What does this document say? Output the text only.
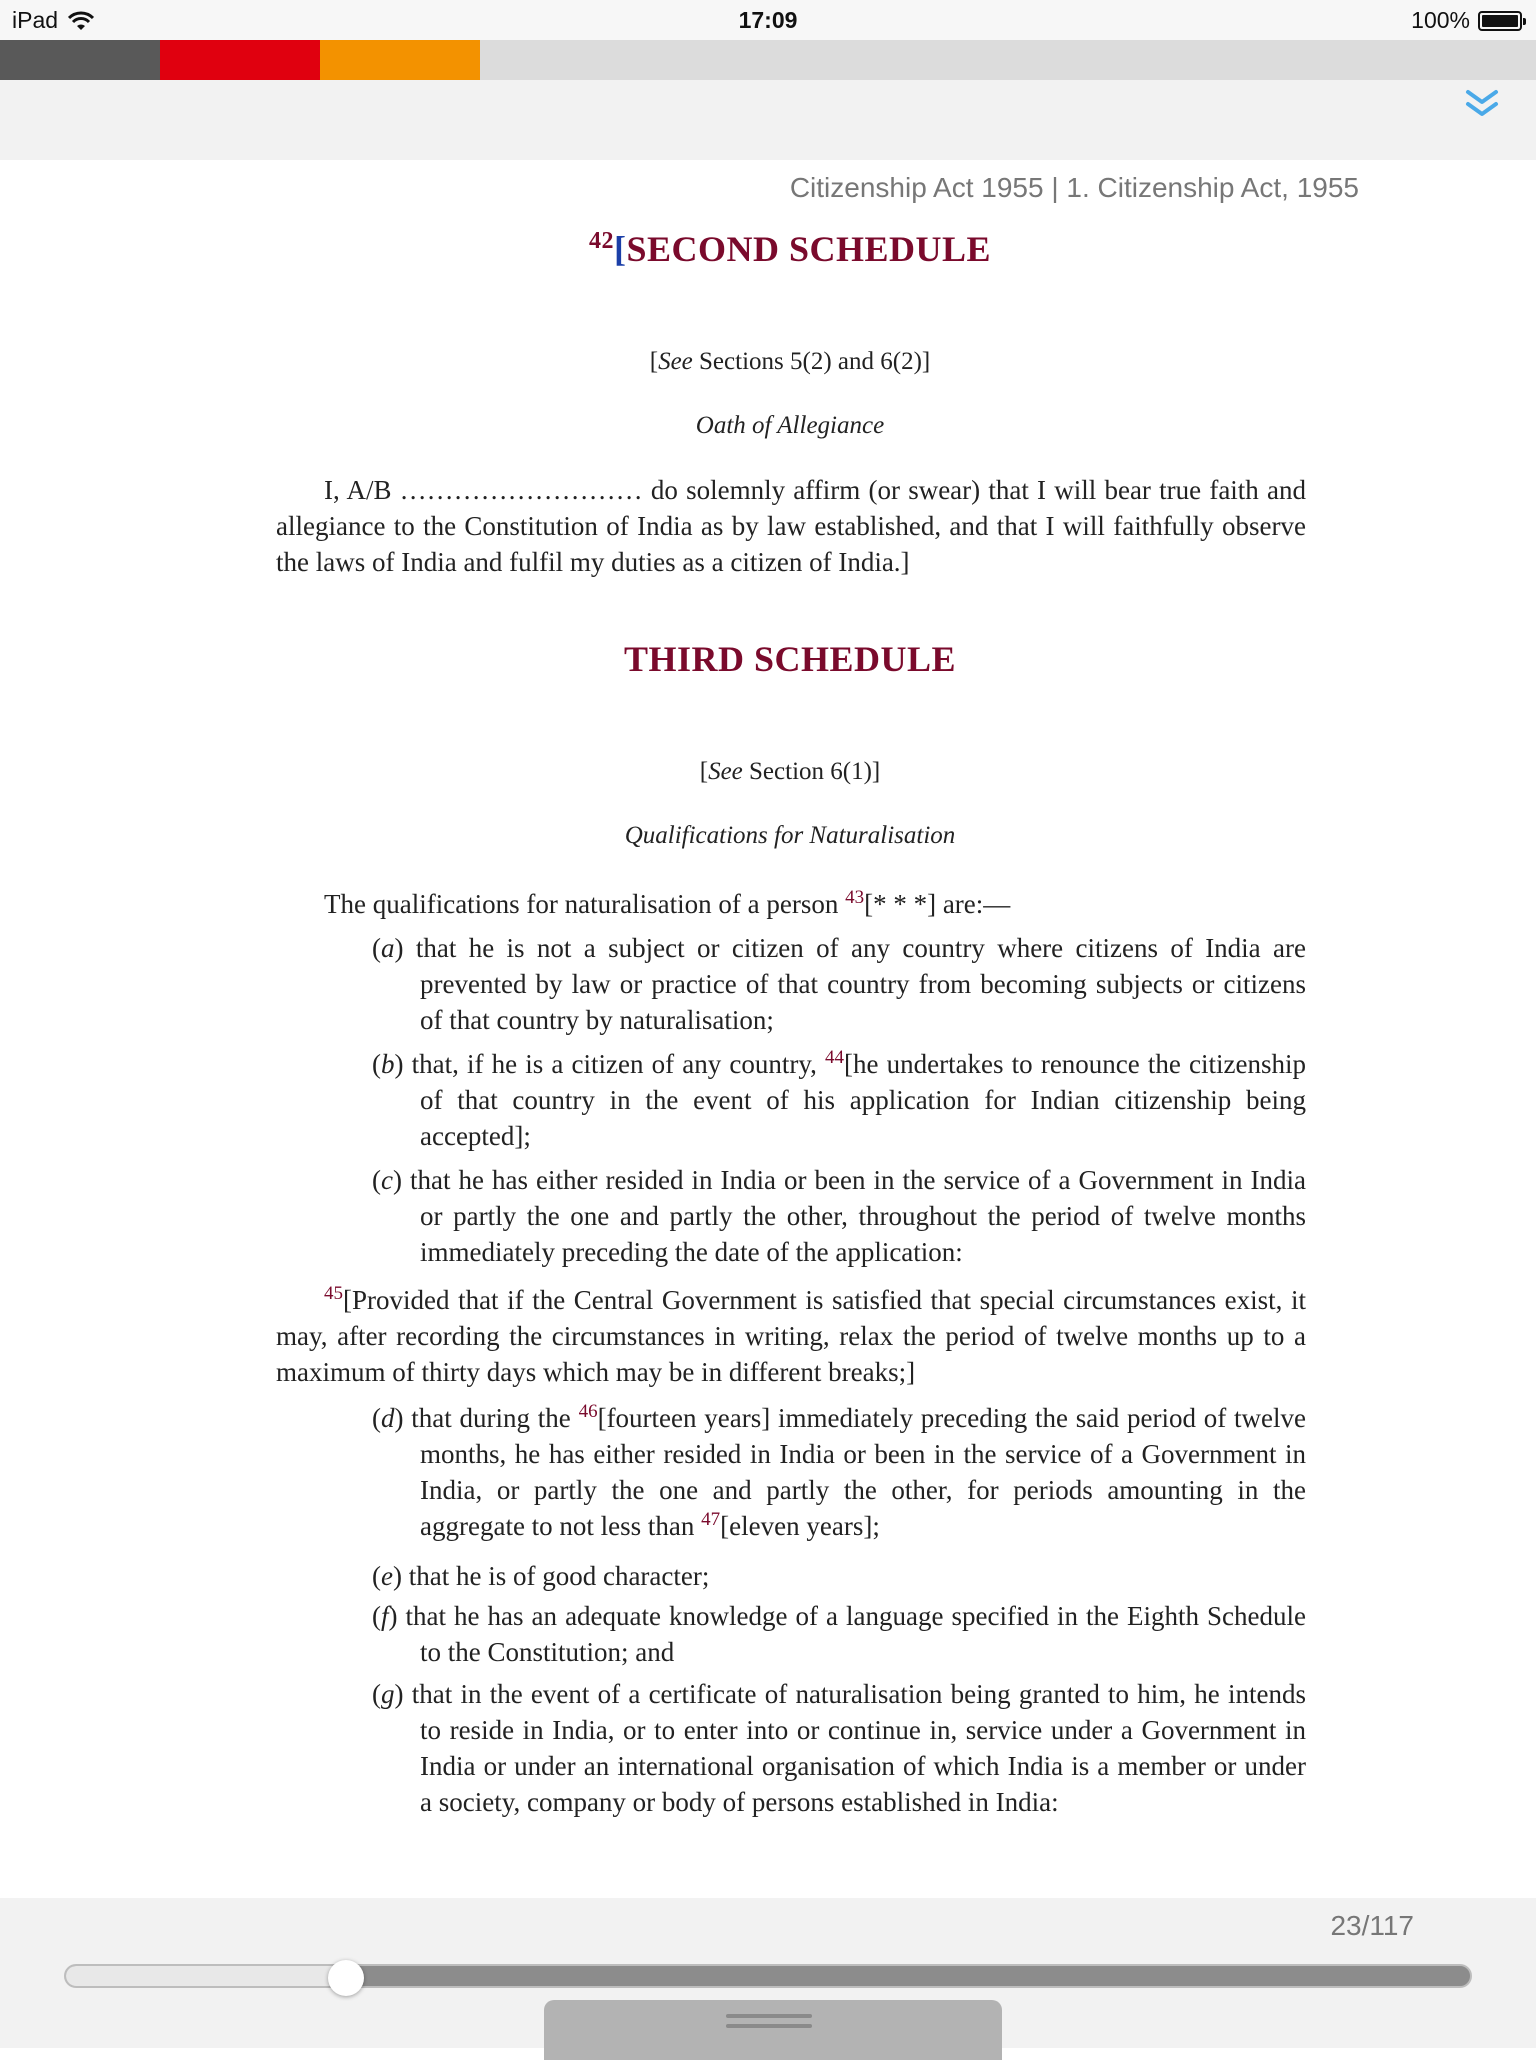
iPad	17:09	100%
Citizenship Act 1955 | 1. Citizenship Act, 1955
$^{42}$[SECOND SCHEDULE
[See Sections 5(2) and 6(2)]
Oath of Allegiance
I, A/B ……………………… do solemnly affirm (or swear) that I will bear true faith and allegiance to the Constitution of India as by law established, and that I will faithfully observe the laws of India and fulfil my duties as a citizen of India.]
THIRD SCHEDULE
[See Section 6(1)]
Qualifications for Naturalisation
The qualifications for naturalisation of a person $^{43}$[* * *] are:—
(a) that he is not a subject or citizen of any country where citizens of India are prevented by law or practice of that country from becoming subjects or citizens of that country by naturalisation;
(b) that, if he is a citizen of any country, $^{44}$[he undertakes to renounce the citizenship of that country in the event of his application for Indian citizenship being accepted];
(c) that he has either resided in India or been in the service of a Government in India or partly the one and partly the other, throughout the period of twelve months immediately preceding the date of the application:
$^{45}$[Provided that if the Central Government is satisfied that special circumstances exist, it may, after recording the circumstances in writing, relax the period of twelve months up to a maximum of thirty days which may be in different breaks;]
(d) that during the $^{46}$[fourteen years] immediately preceding the said period of twelve months, he has either resided in India or been in the service of a Government in India, or partly the one and partly the other, for periods amounting in the aggregate to not less than $^{47}$[eleven years];
(e) that he is of good character;
(f) that he has an adequate knowledge of a language specified in the Eighth Schedule to the Constitution; and
(g) that in the event of a certificate of naturalisation being granted to him, he intends to reside in India, or to enter into or continue in, service under a Government in India or under an international organisation of which India is a member or under a society, company or body of persons established in India:
23/117
